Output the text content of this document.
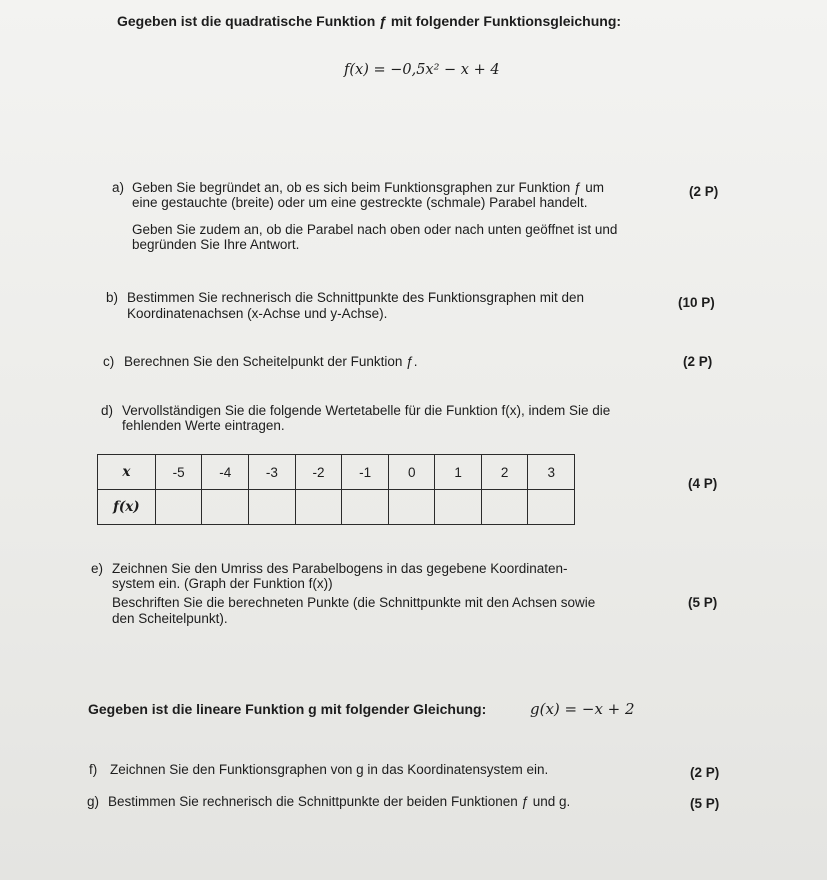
Gegeben ist die quadratische Funktion ƒ mit folgender Funktionsgleichung:
f(x) = −0,5x² − x + 4
a) Geben Sie begründet an, ob es sich beim Funktionsgraphen zur Funktion ƒ um
eine gestauchte (breite) oder um eine gestreckte (schmale) Parabel handelt.
Geben Sie zudem an, ob die Parabel nach oben oder nach unten geöffnet ist und
begründen Sie Ihre Antwort.
(2 P)
b) Bestimmen Sie rechnerisch die Schnittpunkte des Funktionsgraphen mit den
Koordinatenachsen (x-Achse und y-Achse).
(10 P)
c) Berechnen Sie den Scheitelpunkt der Funktion ƒ.	(2 P)
d) Vervollständigen Sie die folgende Wertetabelle für die Funktion f(x), indem Sie die
fehlenden Werte eintragen.
(4 P)
x	-5	-4	-3	-2	-1	0	1	2	3
f(x)									
e) Zeichnen Sie den Umriss des Parabelbogens in das gegebene Koordinaten-
system ein. (Graph der Funktion f(x))
Beschriften Sie die berechneten Punkte (die Schnittpunkte mit den Achsen sowie
den Scheitelpunkt).
(5 P)
Gegeben ist die lineare Funktion g mit folgender Gleichung:	g(x) = −x + 2
f) Zeichnen Sie den Funktionsgraphen von g in das Koordinatensystem ein.	(2 P)
g) Bestimmen Sie rechnerisch die Schnittpunkte der beiden Funktionen ƒ und g.	(5 P)
